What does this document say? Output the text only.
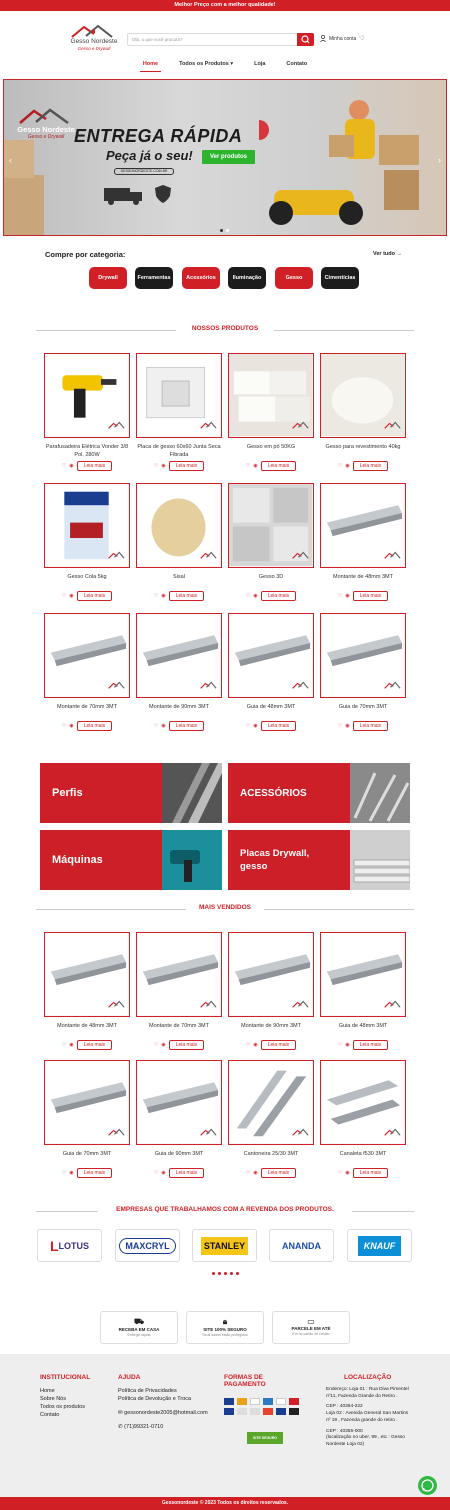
Melhor Preço com a melhor qualidade!
Gesso Nordeste
Gesso e Drywall
Olá, o que você procura?	Minha conta ♡
Home	Todos os Produtos ▾	Loja	Contato
Gesso Nordeste
Gesso e Drywall ENTREGA RÁPIDA
Peça já o seu!	Ver produtos
GESSONORDESTE.COM.BR
‹	›
Compre por categoria:	Ver tudo →
Drywall	Ferramentas	Acessórios	Iluminação	Gesso	Cimentícias
NOSSOS PRODUTOS
Parafusadeira Elétrica Vonder 3/8 Pol. 280W
♡ ◉	Leia mais
Placa de gesso 60x60 Junta Seca Fibrada
♡ ◉	Leia mais
Gesso em pó 50KG
♡ ◉	Leia mais
Gesso para revestimento 40kg
♡ ◉	Leia mais
Gesso Cola 5kg
♡ ◉	Leia mais
Sisal
♡ ◉	Leia mais
Gesso 3D
♡ ◉	Leia mais
Montante de 48mm 3MT
♡ ◉	Leia mais
Montante de 70mm 3MT
♡ ◉	Leia mais
Montante de 90mm 3MT
♡ ◉	Leia mais
Guia de 48mm 3MT
♡ ◉	Leia mais
Guia de 70mm 3MT
♡ ◉	Leia mais
Perfis	ACESSÓRIOS
Máquinas
Placas Drywall, gesso
MAIS VENDIDOS
Montante de 48mm 3MT
♡ ◉	Leia mais
Montante de 70mm 3MT
♡ ◉	Leia mais
Montante de 90mm 3MT
♡ ◉	Leia mais
Guia de 48mm 3MT
♡ ◉	Leia mais
Guia de 70mm 3MT
♡ ◉	Leia mais
Guia de 90mm 3MT
♡ ◉	Leia mais
Cantoneira 25/30 3MT
♡ ◉	Leia mais
Canaleta f530 3MT
♡ ◉	Leia mais
EMPRESAS QUE TRABALHAMOS COM A REVENDA DOS PRODUTOS.
L LOTUS	MAXCRYL	STANLEY	ANANDA	KNAUF
⛟
RECEBA EM CASA
Entrega rápida
🔒︎
SITE 100% SEGURO
Seus dados estão protegidos
▭
PARCELE EM ATÉ
Em no cartão de crédito
INSTITUCIONAL
Home
Sobre Nós
Todos os produtos
Contato
AJUDA
Política de Privacidades
Política de Devolução e Troca
✉ gessonordeste2005@hotmail.com
✆ (71)99321-0710
FORMAS DE PAGAMENTO
SITE SEGURO
LOCALIZAÇÃO
Endereço: Loja 01 : Rua Diva Pimentel nº11, Fazenda Grande do Retiro .
CEP : 40354-222
Loja 02 : Avenida General San Martins nº 19 , Fazenda grande do retiro .
CEP : 40355-000
(localização no uber, 99 , etc : Gesso Nordeste Loja 02)
Gessonordeste © 2023 Todos os direitos reservados.
